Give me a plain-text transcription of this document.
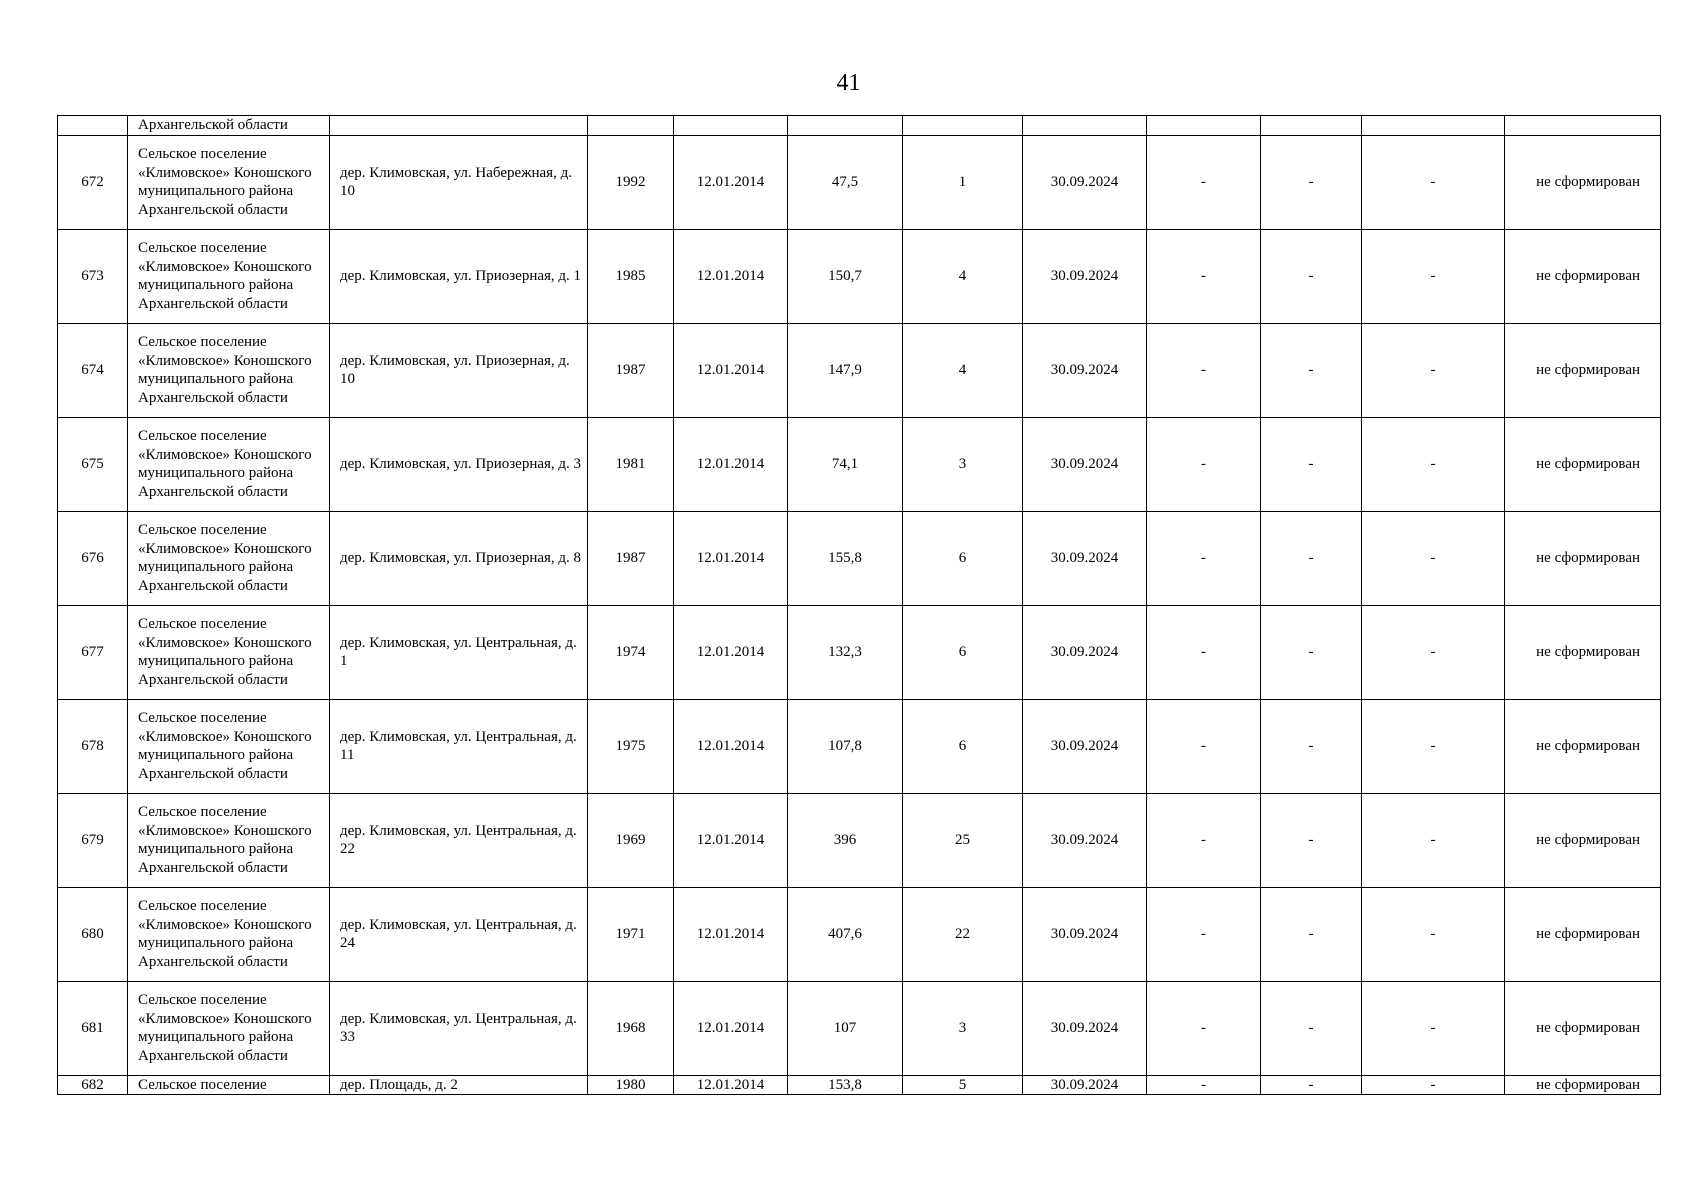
41
	Архангельской области										
672	Сельское поселение «Климовское» Коношского муниципального района Архангельской области	дер. Климовская, ул. Набережная, д. 10	1992	12.01.2014	47,5	1	30.09.2024	-	-	-	не сформирован
673	Сельское поселение «Климовское» Коношского муниципального района Архангельской области	дер. Климовская, ул. Приозерная, д. 1	1985	12.01.2014	150,7	4	30.09.2024	-	-	-	не сформирован
674	Сельское поселение «Климовское» Коношского муниципального района Архангельской области	дер. Климовская, ул. Приозерная, д. 10	1987	12.01.2014	147,9	4	30.09.2024	-	-	-	не сформирован
675	Сельское поселение «Климовское» Коношского муниципального района Архангельской области	дер. Климовская, ул. Приозерная, д. 3	1981	12.01.2014	74,1	3	30.09.2024	-	-	-	не сформирован
676	Сельское поселение «Климовское» Коношского муниципального района Архангельской области	дер. Климовская, ул. Приозерная, д. 8	1987	12.01.2014	155,8	6	30.09.2024	-	-	-	не сформирован
677	Сельское поселение «Климовское» Коношского муниципального района Архангельской области	дер. Климовская, ул. Центральная, д. 1	1974	12.01.2014	132,3	6	30.09.2024	-	-	-	не сформирован
678	Сельское поселение «Климовское» Коношского муниципального района Архангельской области	дер. Климовская, ул. Центральная, д. 11	1975	12.01.2014	107,8	6	30.09.2024	-	-	-	не сформирован
679	Сельское поселение «Климовское» Коношского муниципального района Архангельской области	дер. Климовская, ул. Центральная, д. 22	1969	12.01.2014	396	25	30.09.2024	-	-	-	не сформирован
680	Сельское поселение «Климовское» Коношского муниципального района Архангельской области	дер. Климовская, ул. Центральная, д. 24	1971	12.01.2014	407,6	22	30.09.2024	-	-	-	не сформирован
681	Сельское поселение «Климовское» Коношского муниципального района Архангельской области	дер. Климовская, ул. Центральная, д. 33	1968	12.01.2014	107	3	30.09.2024	-	-	-	не сформирован
682	Сельское поселение	дер. Площадь, д. 2	1980	12.01.2014	153,8	5	30.09.2024	-	-	-	не сформирован
